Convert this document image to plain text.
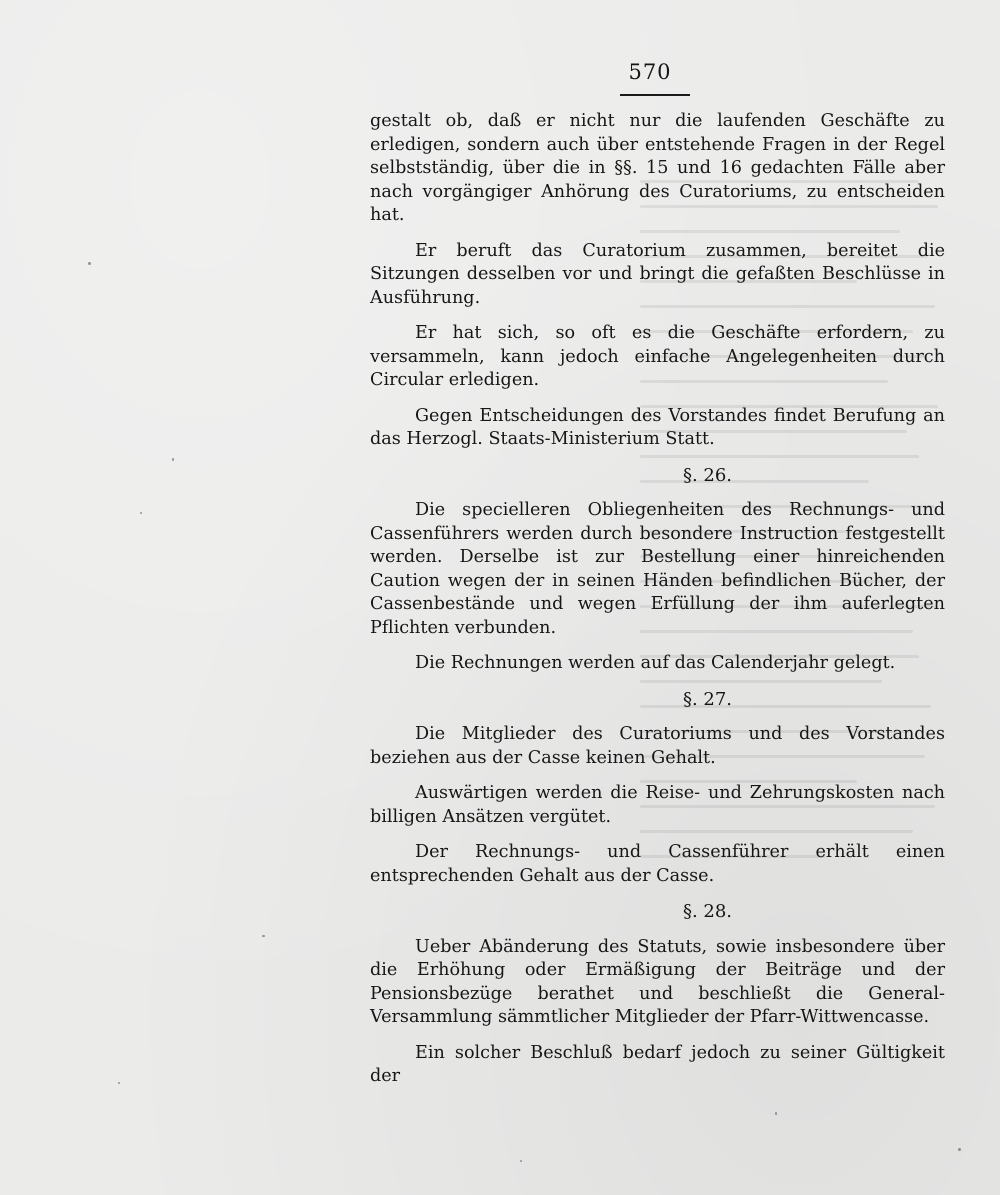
570

gestalt ob, daß er nicht nur die laufenden Geschäfte zu erledigen, sondern auch über entstehende Fragen in der Regel selbstständig, über die in §§. 15 und 16 gedachten Fälle aber nach vorgängiger Anhörung des Curatoriums, zu entscheiden hat.

Er beruft das Curatorium zusammen, bereitet die Sitzungen desselben vor und bringt die gefaßten Beschlüsse in Ausführung.

Er hat sich, so oft es die Geschäfte erfordern, zu versammeln, kann jedoch einfache Angelegenheiten durch Circular erledigen.

Gegen Entscheidungen des Vorstandes findet Berufung an das Herzogl. Staats-Ministerium Statt.

§. 26.

Die specielleren Obliegenheiten des Rechnungs- und Cassenführers werden durch besondere Instruction festgestellt werden. Derselbe ist zur Bestellung einer hinreichenden Caution wegen der in seinen Händen befindlichen Bücher, der Cassenbestände und wegen Erfüllung der ihm auferlegten Pflichten verbunden.

Die Rechnungen werden auf das Calenderjahr gelegt.

§. 27.

Die Mitglieder des Curatoriums und des Vorstandes beziehen aus der Casse keinen Gehalt.

Auswärtigen werden die Reise- und Zehrungskosten nach billigen Ansätzen vergütet.

Der Rechnungs- und Cassenführer erhält einen entsprechenden Gehalt aus der Casse.

§. 28.

Ueber Abänderung des Statuts, sowie insbesondere über die Erhöhung oder Ermäßigung der Beiträge und der Pensionsbezüge berathet und beschließt die General-Versammlung sämmtlicher Mitglieder der Pfarr-Wittwencasse.

Ein solcher Beschluß bedarf jedoch zu seiner Gültigkeit der
